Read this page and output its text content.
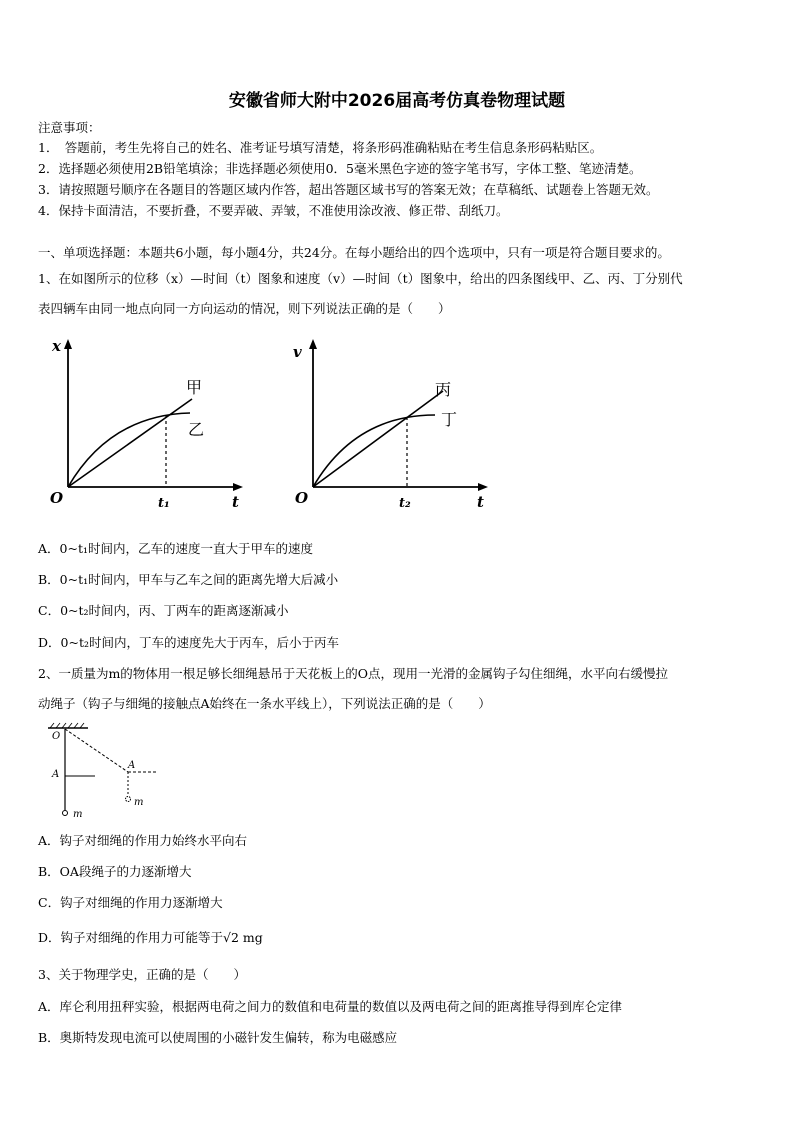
安徽省师大附中2026届高考仿真卷物理试题
注意事项：
1．　答题前，考生先将自己的姓名、准考证号填写清楚，将条形码准确粘贴在考生信息条形码粘贴区。
2．选择题必须使用2B铅笔填涂；非选择题必须使用0．5毫米黑色字迹的签字笔书写，字体工整、笔迹清楚。
3．请按照题号顺序在各题目的答题区域内作答，超出答题区域书写的答案无效；在草稿纸、试题卷上答题无效。
4．保持卡面清洁，不要折叠，不要弄破、弄皱，不准使用涂改液、修正带、刮纸刀。
一、单项选择题：本题共6小题，每小题4分，共24分。在每小题给出的四个选项中，只有一项是符合题目要求的。
1、在如图所示的位移（x）—时间（t）图象和速度（v）—时间（t）图象中，给出的四条图线甲、乙、丙、丁分别代
表四辆车由同一地点向同一方向运动的情况，则下列说法正确的是（　　）
x
t
O	t₁
甲
乙
v
t
O	t₂
丙
丁
A．0~t₁时间内，乙车的速度一直大于甲车的速度
B．0~t₁时间内，甲车与乙车之间的距离先增大后减小
C．0~t₂时间内，丙、丁两车的距离逐渐减小
D．0~t₂时间内，丁车的速度先大于丙车，后小于丙车
2、一质量为m的物体用一根足够长细绳悬吊于天花板上的O点，现用一光滑的金属钩子勾住细绳，水平向右缓慢拉
动绳子（钩子与细绳的接触点A始终在一条水平线上），下列说法正确的是（　　）
O
A
m
A
m
A．钩子对细绳的作用力始终水平向右
B．OA段绳子的力逐渐增大
C．钩子对细绳的作用力逐渐增大
D．钩子对细绳的作用力可能等于√2 mg
3、关于物理学史，正确的是（　　）
A．库仑利用扭秤实验，根据两电荷之间力的数值和电荷量的数值以及两电荷之间的距离推导得到库仑定律
B．奥斯特发现电流可以使周围的小磁针发生偏转，称为电磁感应
